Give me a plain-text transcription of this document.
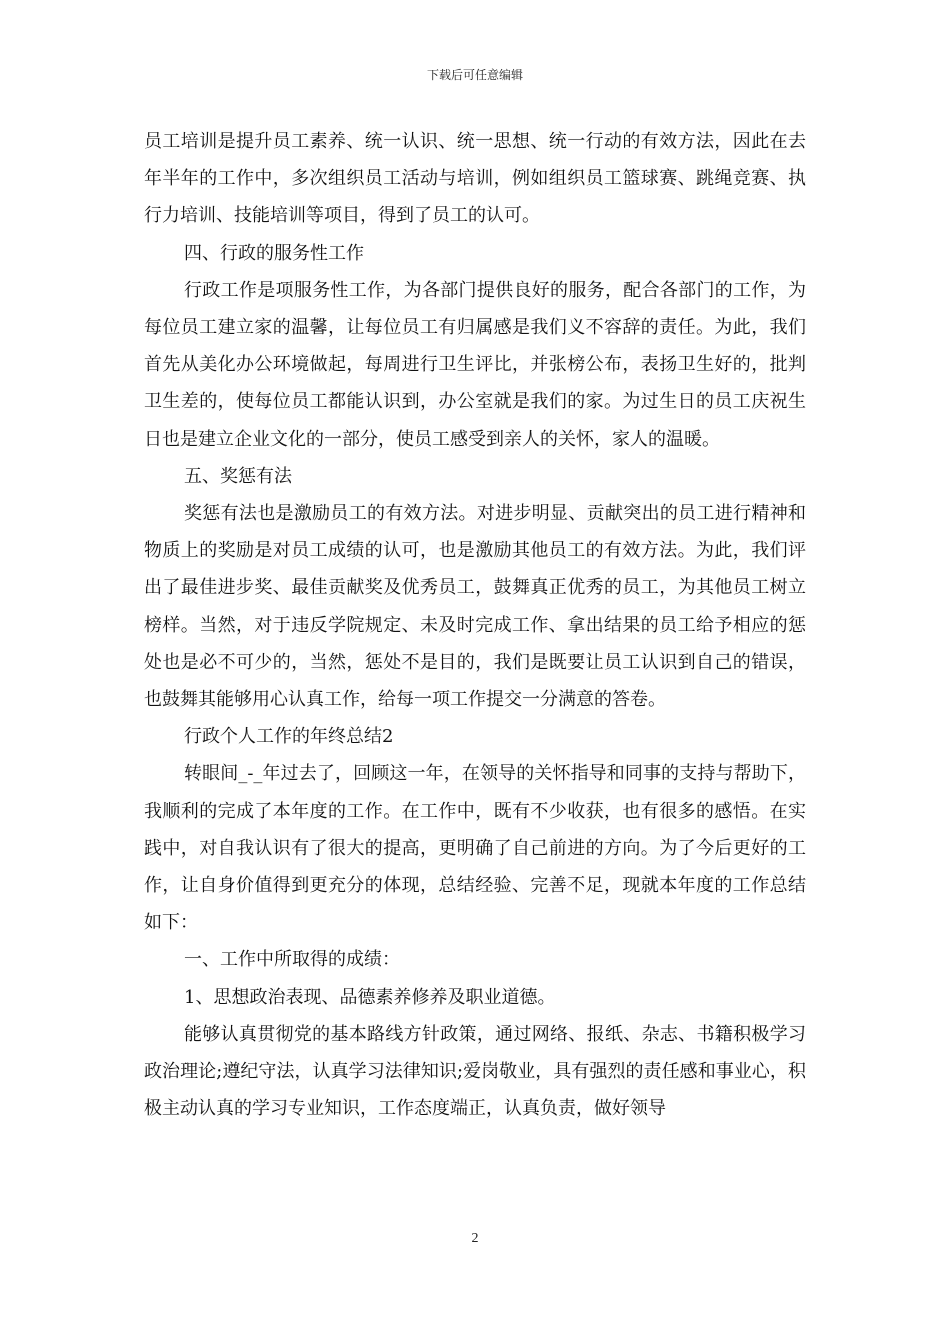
下载后可任意编辑

员工培训是提升员工素养、统一认识、统一思想、统一行动的有效方法，因此在去年半年的工作中，多次组织员工活动与培训，例如组织员工篮球赛、跳绳竞赛、执行力培训、技能培训等项目，得到了员工的认可。

四、行政的服务性工作

行政工作是项服务性工作，为各部门提供良好的服务，配合各部门的工作，为每位员工建立家的温馨，让每位员工有归属感是我们义不容辞的责任。为此，我们首先从美化办公环境做起，每周进行卫生评比，并张榜公布，表扬卫生好的，批判卫生差的，使每位员工都能认识到，办公室就是我们的家。为过生日的员工庆祝生日也是建立企业文化的一部分，使员工感受到亲人的关怀，家人的温暖。

五、奖惩有法

奖惩有法也是激励员工的有效方法。对进步明显、贡献突出的员工进行精神和物质上的奖励是对员工成绩的认可，也是激励其他员工的有效方法。为此，我们评出了最佳进步奖、最佳贡献奖及优秀员工，鼓舞真正优秀的员工，为其他员工树立榜样。当然，对于违反学院规定、未及时完成工作、拿出结果的员工给予相应的惩处也是必不可少的，当然，惩处不是目的，我们是既要让员工认识到自己的错误，也鼓舞其能够用心认真工作，给每一项工作提交一分满意的答卷。

行政个人工作的年终总结2

转眼间_-_年过去了，回顾这一年，在领导的关怀指导和同事的支持与帮助下，我顺利的完成了本年度的工作。在工作中，既有不少收获，也有很多的感悟。在实践中，对自我认识有了很大的提高，更明确了自己前进的方向。为了今后更好的工作，让自身价值得到更充分的体现，总结经验、完善不足，现就本年度的工作总结如下：

一、工作中所取得的成绩：

1、思想政治表现、品德素养修养及职业道德。

能够认真贯彻党的基本路线方针政策，通过网络、报纸、杂志、书籍积极学习政治理论;遵纪守法，认真学习法律知识;爱岗敬业，具有强烈的责任感和事业心，积极主动认真的学习专业知识，工作态度端正，认真负责，做好领导

2
